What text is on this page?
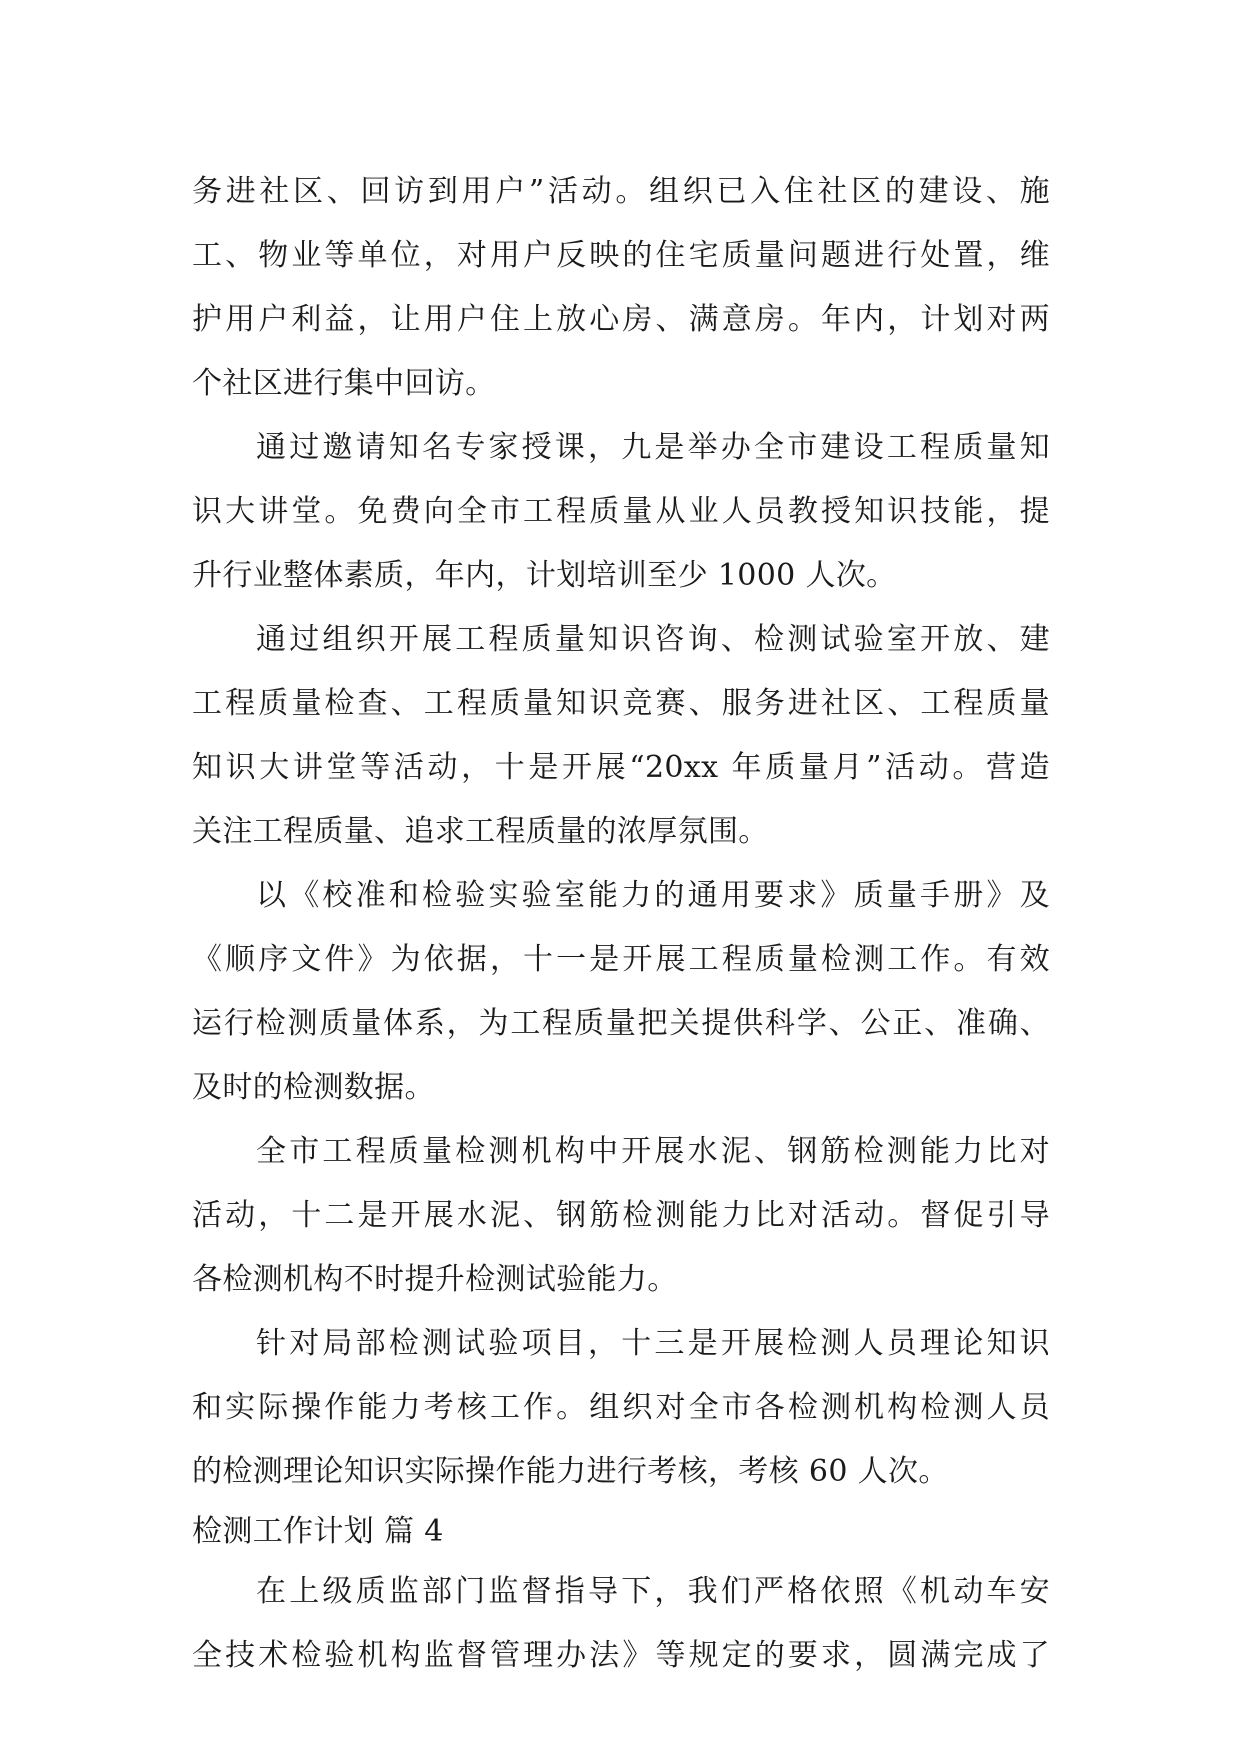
务进社区、回访到用户”活动。组织已入住社区的建设、施
工、物业等单位，对用户反映的住宅质量问题进行处置，维
护用户利益，让用户住上放心房、满意房。年内，计划对两
个社区进行集中回访。
通过邀请知名专家授课，九是举办全市建设工程质量知
识大讲堂。免费向全市工程质量从业人员教授知识技能，提
升行业整体素质，年内，计划培训至少 1000 人次。
通过组织开展工程质量知识咨询、检测试验室开放、建
工程质量检查、工程质量知识竞赛、服务进社区、工程质量
知识大讲堂等活动，十是开展“20xx 年质量月”活动。营造
关注工程质量、追求工程质量的浓厚氛围。
以《校准和检验实验室能力的通用要求》质量手册》及
《顺序文件》为依据，十一是开展工程质量检测工作。有效
运行检测质量体系，为工程质量把关提供科学、公正、准确、
及时的检测数据。
全市工程质量检测机构中开展水泥、钢筋检测能力比对
活动，十二是开展水泥、钢筋检测能力比对活动。督促引导
各检测机构不时提升检测试验能力。
针对局部检测试验项目，十三是开展检测人员理论知识
和实际操作能力考核工作。组织对全市各检测机构检测人员
的检测理论知识实际操作能力进行考核，考核 60 人次。
检测工作计划 篇 4
在上级质监部门监督指导下，我们严格依照《机动车安
全技术检验机构监督管理办法》等规定的要求，圆满完成了
